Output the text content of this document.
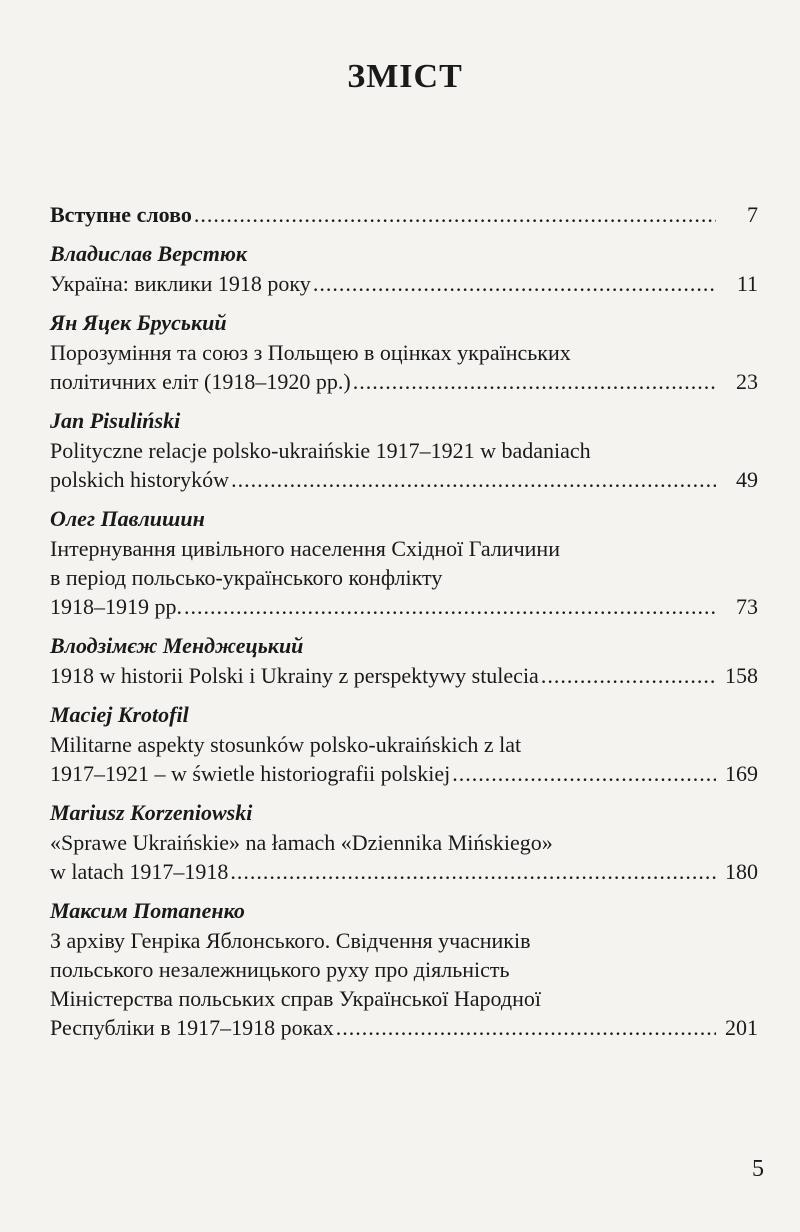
ЗМІСТ
Вступне слово .....	7
Владислав Верстюк
Україна: виклики 1918 року .....	11
Ян Яцек Бруський
Порозуміння та союз з Польщею в оцінках українських
політичних еліт (1918–1920 рр.) .....	23
Jan Pisuliński
Polityczne relacje polsko-ukraińskie 1917–1921 w badaniach
polskich historyków .....	49
Олег Павлишин
Інтернування цивільного населення Східної Галичини
в період польсько-українського конфлікту
1918–1919 рр. .....	73
Влодзімєж Менджецький
1918 w historii Polski i Ukrainy z perspektywy stulecia .....	158
Maciej Krotofil
Militarne aspekty stosunków polsko-ukraińskich z lat
1917–1921 – w świetle historiografii polskiej .....	169
Mariusz Korzeniowski
«Sprawe Ukraińskie» na łamach «Dziennika Mińskiego»
w latach 1917–1918 .....	180
Максим Потапенко
З архіву Генріка Яблонського. Свідчення учасників
польського незалежницького руху про діяльність
Міністерства польських справ Української Народної
Республіки в 1917–1918 роках .....	201
5
